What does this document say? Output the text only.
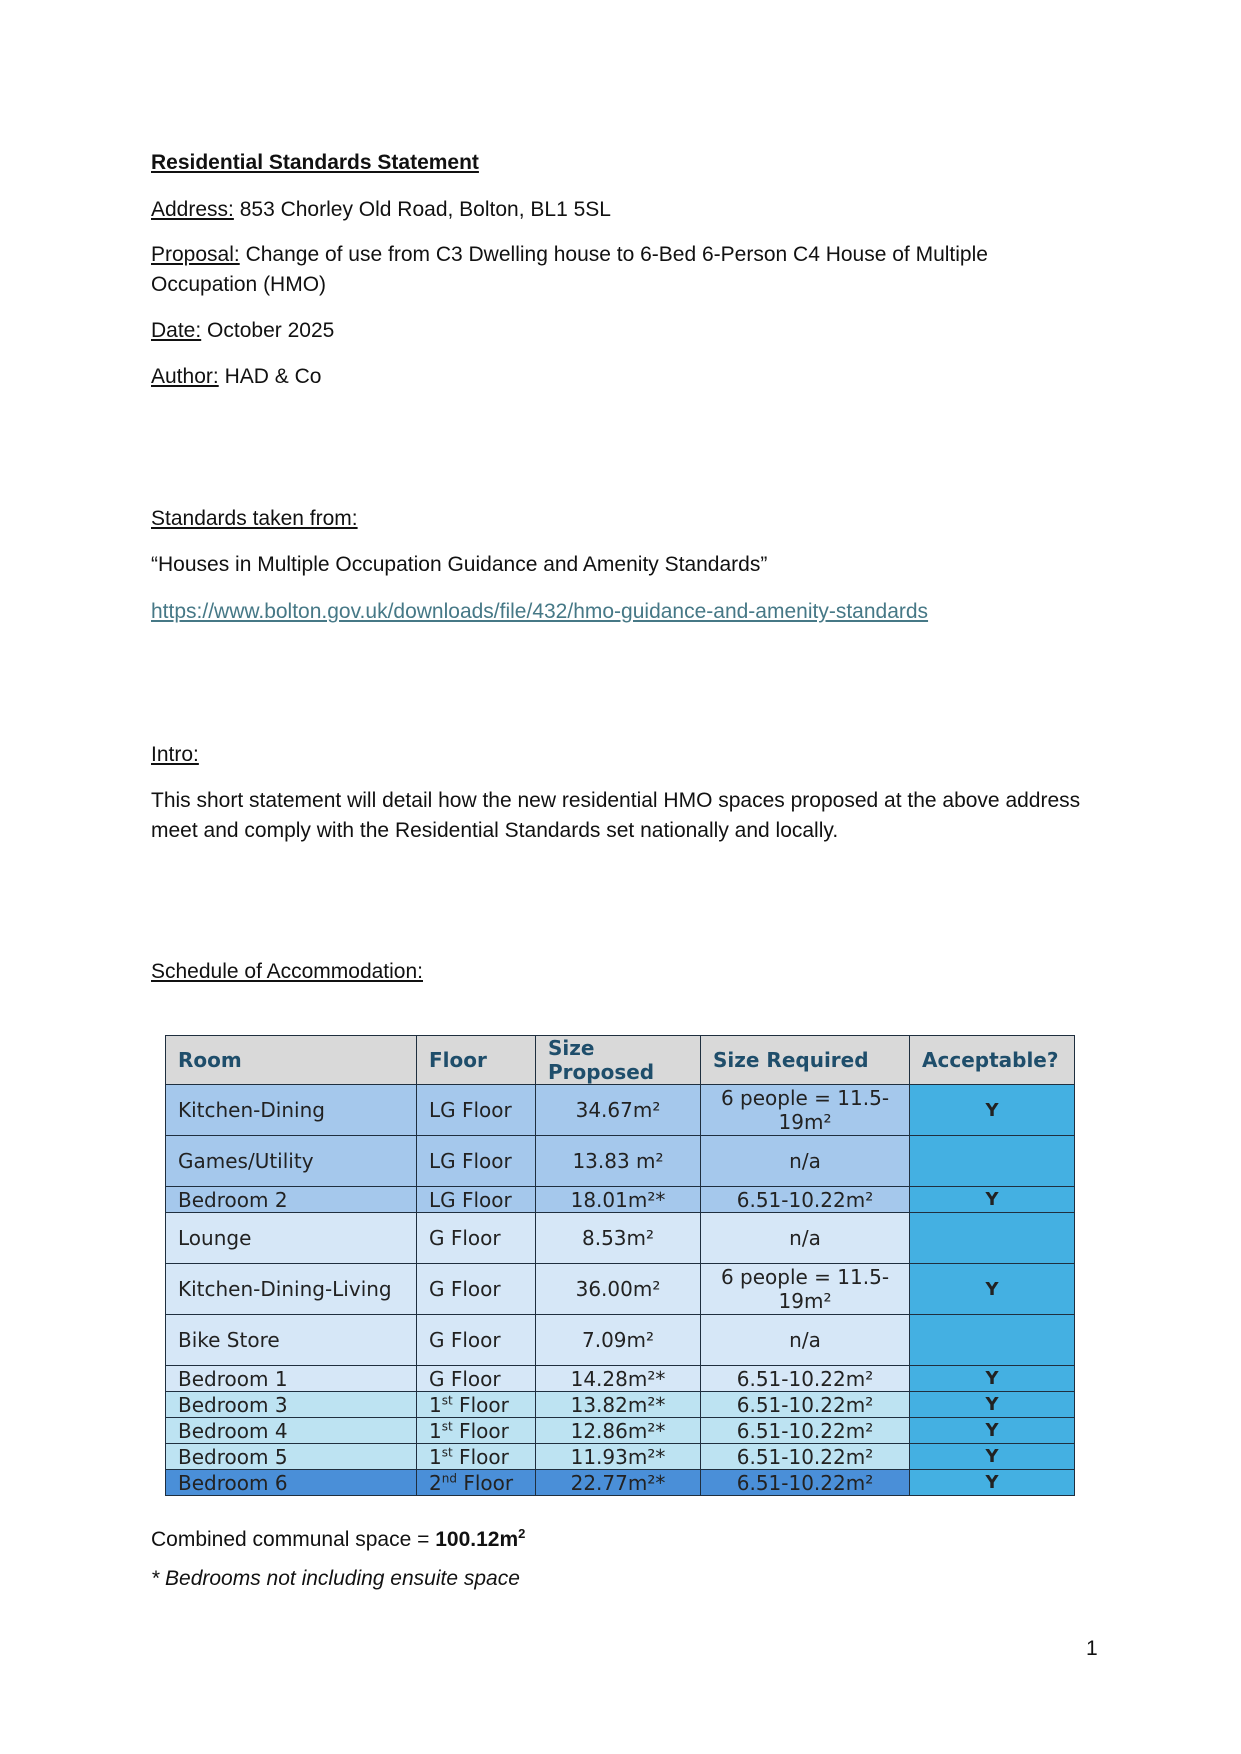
Residential Standards Statement
Address: 853 Chorley Old Road, Bolton, BL1 5SL
Proposal: Change of use from C3 Dwelling house to 6-Bed 6-Person C4 House of Multiple Occupation (HMO)
Date: October 2025
Author: HAD & Co
Standards taken from:
“Houses in Multiple Occupation Guidance and Amenity Standards”
https://www.bolton.gov.uk/downloads/file/432/hmo-guidance-and-amenity-standards
Intro:
This short statement will detail how the new residential HMO spaces proposed at the above address meet and comply with the Residential Standards set nationally and locally.
Schedule of Accommodation:
Room	Floor	Size Proposed	Size Required	Acceptable?
Kitchen-Dining	LG Floor	34.67m²	6 people = 11.5-19m²	Y
Games/Utility	LG Floor	13.83 m²	n/a	
Bedroom 2	LG Floor	18.01m²*	6.51-10.22m²	Y
Lounge	G Floor	8.53m²	n/a	
Kitchen-Dining-Living	G Floor	36.00m²	6 people = 11.5-19m²	Y
Bike Store	G Floor	7.09m²	n/a	
Bedroom 1	G Floor	14.28m²*	6.51-10.22m²	Y
Bedroom 3	1st Floor	13.82m²*	6.51-10.22m²	Y
Bedroom 4	1st Floor	12.86m²*	6.51-10.22m²	Y
Bedroom 5	1st Floor	11.93m²*	6.51-10.22m²	Y
Bedroom 6	2nd Floor	22.77m²*	6.51-10.22m²	Y
Combined communal space = $100.12m^2$
* Bedrooms not including ensuite space
1
